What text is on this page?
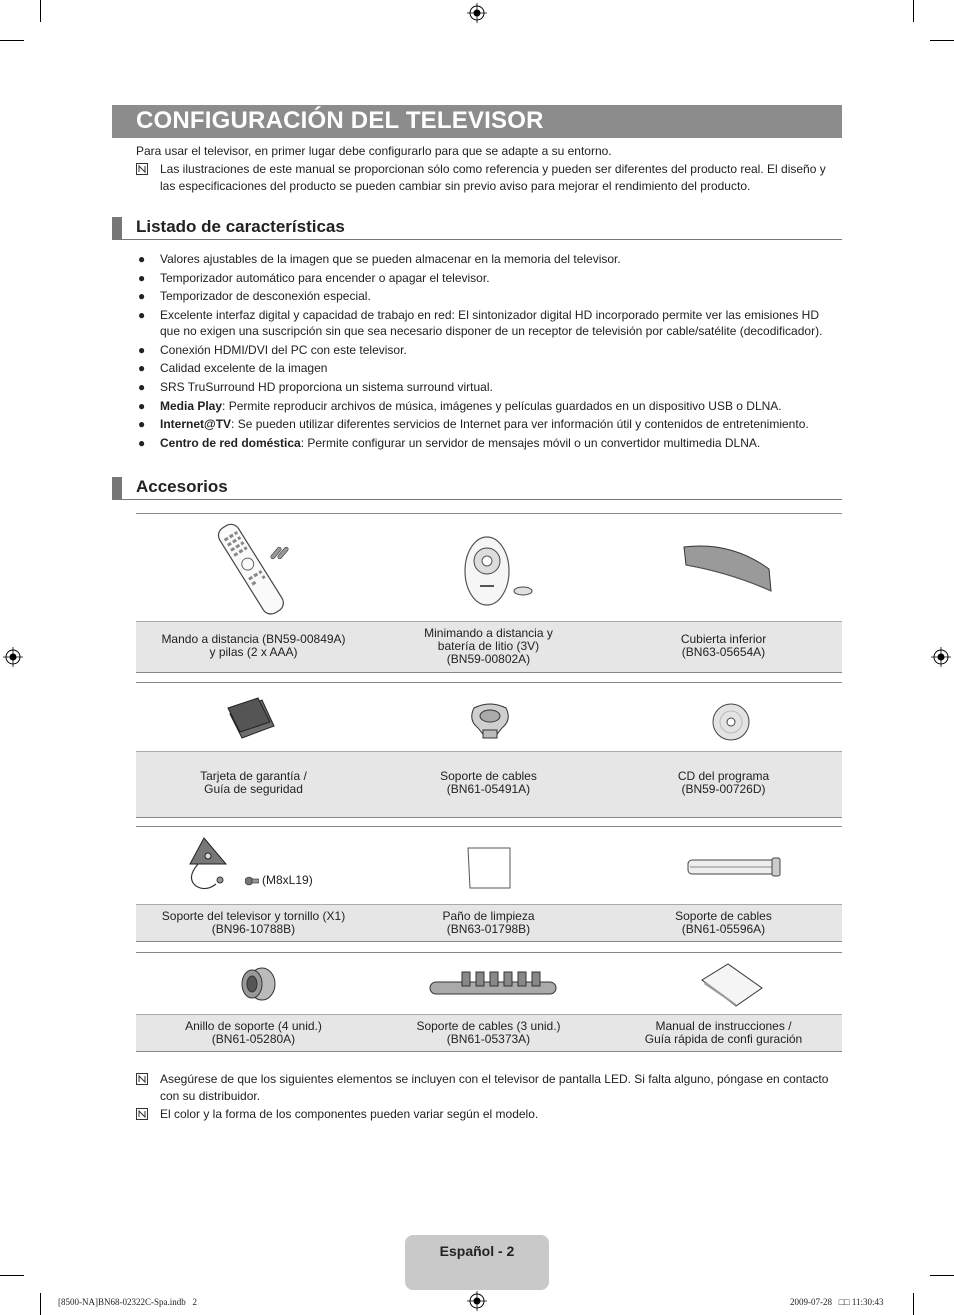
CONFIGURACIÓN DEL TELEVISOR
Para usar el televisor, en primer lugar debe configurarlo para que se adapte a su entorno.
Las ilustraciones de este manual se proporcionan sólo como referencia y pueden ser diferentes del producto real. El diseño y las especificaciones del producto se pueden cambiar sin previo aviso para mejorar el rendimiento del producto.
Listado de características
● Valores ajustables de la imagen que se pueden almacenar en la memoria del televisor.
● Temporizador automático para encender o apagar el televisor.
● Temporizador de desconexión especial.
● Excelente interfaz digital y capacidad de trabajo en red: El sintonizador digital HD incorporado permite ver las emisiones HD que no exigen una suscripción sin que sea necesario disponer de un receptor de televisión por cable/satélite (decodificador).
● Conexión HDMI/DVI del PC con este televisor.
● Calidad excelente de la imagen
● SRS TruSurround HD proporciona un sistema surround virtual.
● Media Play: Permite reproducir archivos de música, imágenes y películas guardados en un dispositivo USB o DLNA.
● Internet@TV: Se pueden utilizar diferentes servicios de Internet para ver información útil y contenidos de entretenimiento.
● Centro de red doméstica: Permite configurar un servidor de mensajes móvil o un convertidor multimedia DLNA.
Accesorios
Mando a distancia (BN59-00849A)
y pilas (2 x AAA)
Minimando a distancia y
batería de litio (3V)
(BN59-00802A)
Cubierta inferior
(BN63-05654A)
Tarjeta de garantía /
Guía de seguridad
Soporte de cables
(BN61-05491A)
CD del programa
(BN59-00726D)
(M8xL19)
Soporte del televisor y tornillo (X1)
(BN96-10788B)
Paño de limpieza
(BN63-01798B)
Soporte de cables
(BN61-05596A)
Anillo de soporte (4 unid.)
(BN61-05280A)
Soporte de cables (3 unid.)
(BN61-05373A)
Manual de instrucciones /
Guía rápida de confi guración
Asegúrese de que los siguientes elementos se incluyen con el televisor de pantalla LED. Si falta alguno, póngase en contacto con su distribuidor.
El color y la forma de los componentes pueden variar según el modelo.
Español - 2
[8500-NA]BN68-02322C-Spa.indb   2	2009-07-28   □□ 11:30:43
